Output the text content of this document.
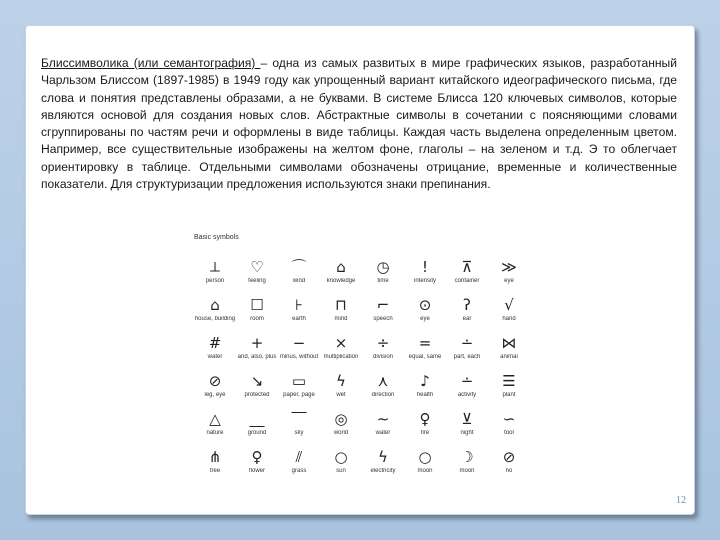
Блиссимволика (или семантография) – одна из самых развитых в мире графических языков, разработанный Чарльзом Блиссом (1897-1985) в 1949 году как упрощенный вариант китайского идеографического письма, где слова и понятия представлены образами, а не буквами. В системе Блисса 120 ключевых символов, которые являются основой для создания новых слов. Абстрактные символы в сочетании с поясняющими словами сгруппированы по частям речи и оформлены в виде таблицы. Каждая часть выделена определенным цветом. Например, все существительные изображены на желтом фоне, глаголы – на зеленом и т.д. Э то облегчает ориентировку в таблице. Отдельными символами обозначены отрицание, временные и количественные показатели. Для структуризации предложения используются знаки препинания.

Basic symbols
⟂
person
♡
feeling
⌒
wind
⌂
knowledge
◷
time
!
intensity
⊼
container
≫
eye
⌂
house, building
☐
room
⊦
earth
⊓
mind
⌐
speech
⊙
eye
ʔ
ear
√
hand
#
water
+
and, also, plus
−
minus, without
×
multiplication
÷
division
=
equal, same
∸
part, each
⋈
animal
⊘
leg, eye
↘
protected
▭
paper, page
ϟ
wet
⋏
direction
♪
health
∸
activity
☰
plant
△
nature
⎽
ground
⎺
sky
◎
world
∼
water
♀
fire
⊻
night
∽
tool
⋔
tree
♀
flower
⫽
grass
○
sun
ϟ
electricity
○
moon
☽
moon
⊘
no
12
